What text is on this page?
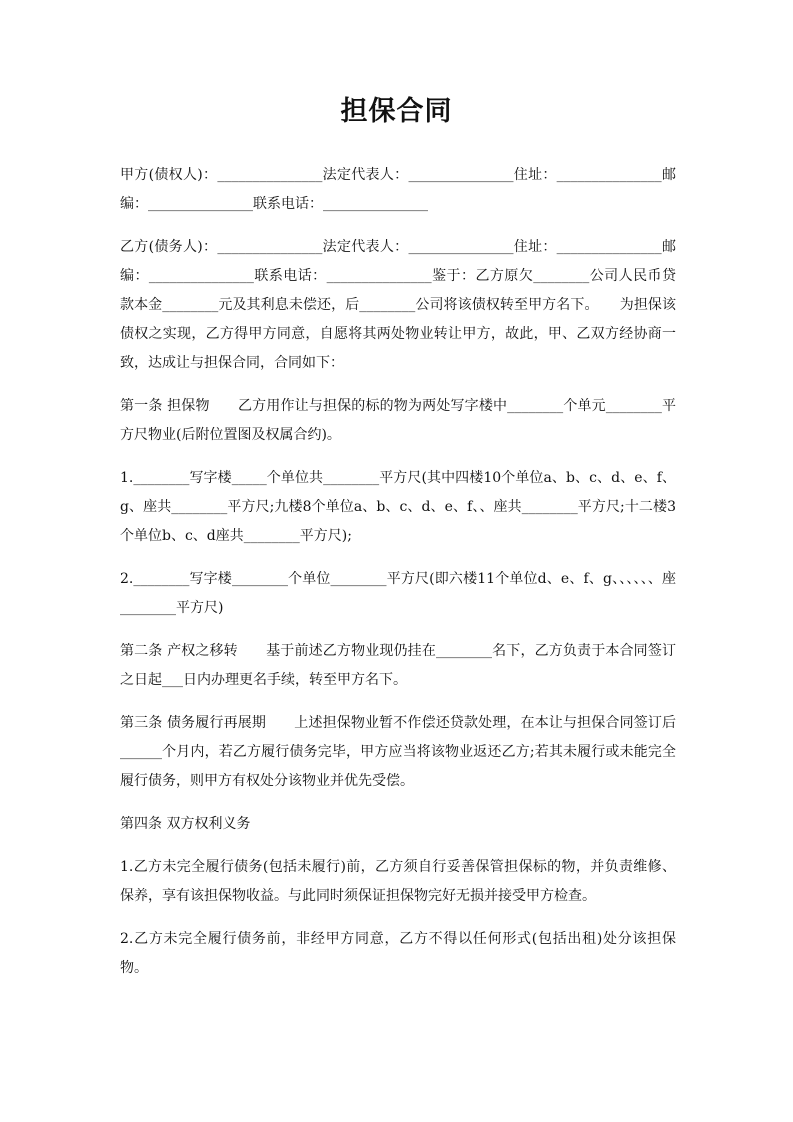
担保合同

甲方(债权人)：_______________法定代表人：_______________住址：_______________邮编：_______________联系电话：_______________

乙方(债务人)：_______________法定代表人：_______________住址：_______________邮编：_______________联系电话：_______________鉴于：乙方原欠________公司人民币贷款本金________元及其利息未偿还，后________公司将该债权转至甲方名下。　　为担保该债权之实现，乙方得甲方同意，自愿将其两处物业转让甲方，故此，甲、乙双方经协商一致，达成让与担保合同，合同如下：

第一条 担保物　　乙方用作让与担保的标的物为两处写字楼中________个单元________平方尺物业(后附位置图及权属合约)。

1.________写字楼_____个单位共________平方尺(其中四楼10个单位a、b、c、d、e、f、g、座共________平方尺;九楼8个单位a、b、c、d、e、f、、座共________平方尺;十二楼3个单位b、c、d座共________平方尺);

2.________写字楼________个单位________平方尺(即六楼11个单位d、e、f、g、、、、、、座________平方尺)

第二条 产权之移转　　基于前述乙方物业现仍挂在________名下，乙方负责于本合同签订之日起___日内办理更名手续，转至甲方名下。

第三条 债务履行再展期　　上述担保物业暂不作偿还贷款处理，在本让与担保合同签订后______个月内，若乙方履行债务完毕，甲方应当将该物业返还乙方;若其未履行或未能完全履行债务，则甲方有权处分该物业并优先受偿。

第四条 双方权利义务

1.乙方未完全履行债务(包括未履行)前，乙方须自行妥善保管担保标的物，并负责维修、保养，享有该担保物收益。与此同时须保证担保物完好无损并接受甲方检查。

2.乙方未完全履行债务前，非经甲方同意，乙方不得以任何形式(包括出租)处分该担保物。
